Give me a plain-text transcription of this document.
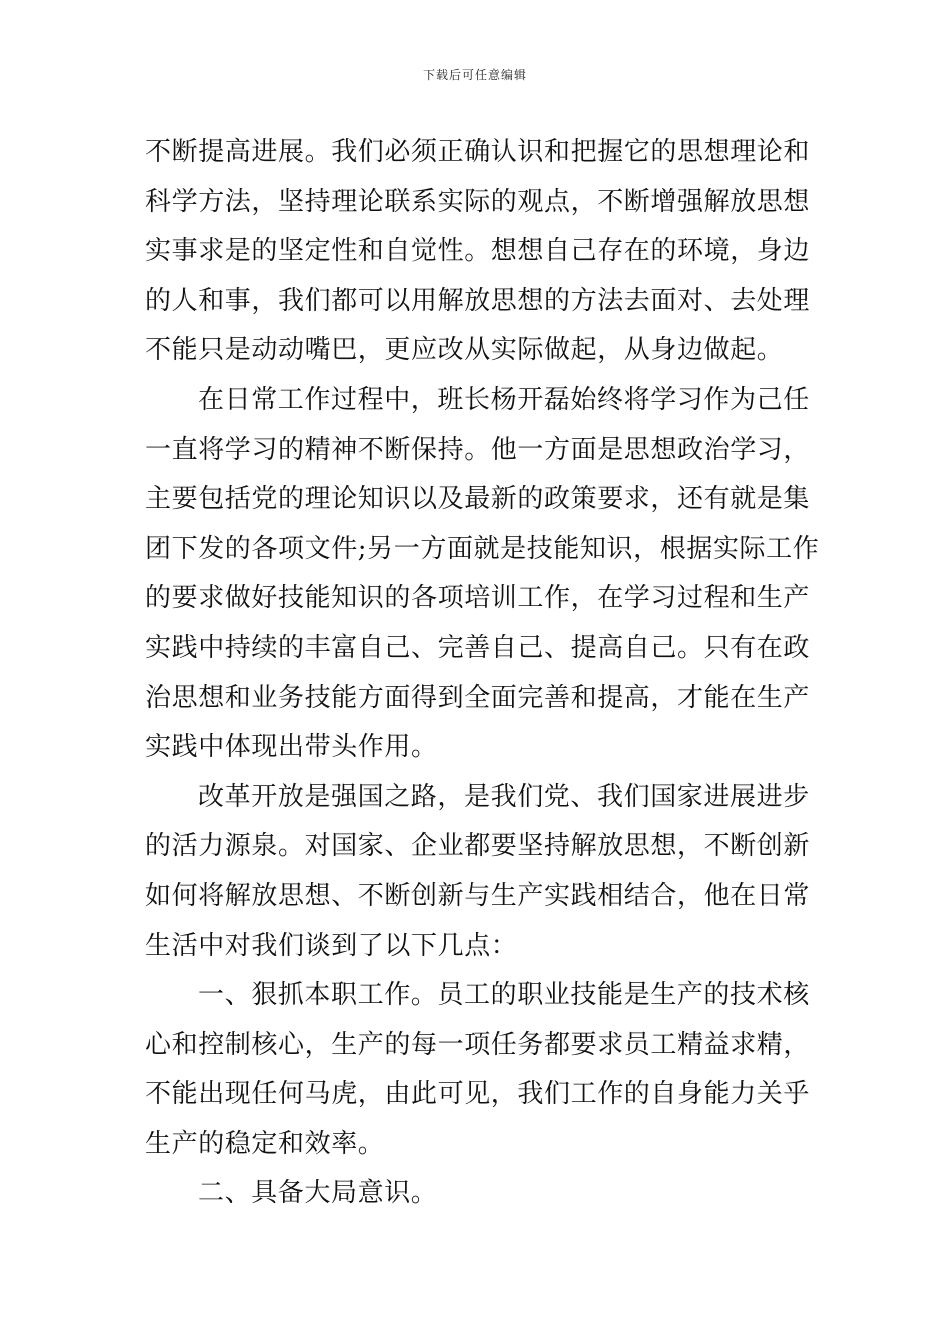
下载后可任意编辑
不断提高进展。我们必须正确认识和把握它的思想理论和
科学方法，坚持理论联系实际的观点，不断增强解放思想
实事求是的坚定性和自觉性。想想自己存在的环境，身边
的人和事，我们都可以用解放思想的方法去面对、去处理
不能只是动动嘴巴，更应改从实际做起，从身边做起。
在日常工作过程中，班长杨开磊始终将学习作为己任
一直将学习的精神不断保持。他一方面是思想政治学习，
主要包括党的理论知识以及最新的政策要求，还有就是集
团下发的各项文件;另一方面就是技能知识，根据实际工作
的要求做好技能知识的各项培训工作，在学习过程和生产
实践中持续的丰富自己、完善自己、提高自己。只有在政
治思想和业务技能方面得到全面完善和提高，才能在生产
实践中体现出带头作用。
改革开放是强国之路，是我们党、我们国家进展进步
的活力源泉。对国家、企业都要坚持解放思想，不断创新
如何将解放思想、不断创新与生产实践相结合，他在日常
生活中对我们谈到了以下几点：
一、狠抓本职工作。员工的职业技能是生产的技术核
心和控制核心，生产的每一项任务都要求员工精益求精，
不能出现任何马虎，由此可见，我们工作的自身能力关乎
生产的稳定和效率。
二、具备大局意识。
